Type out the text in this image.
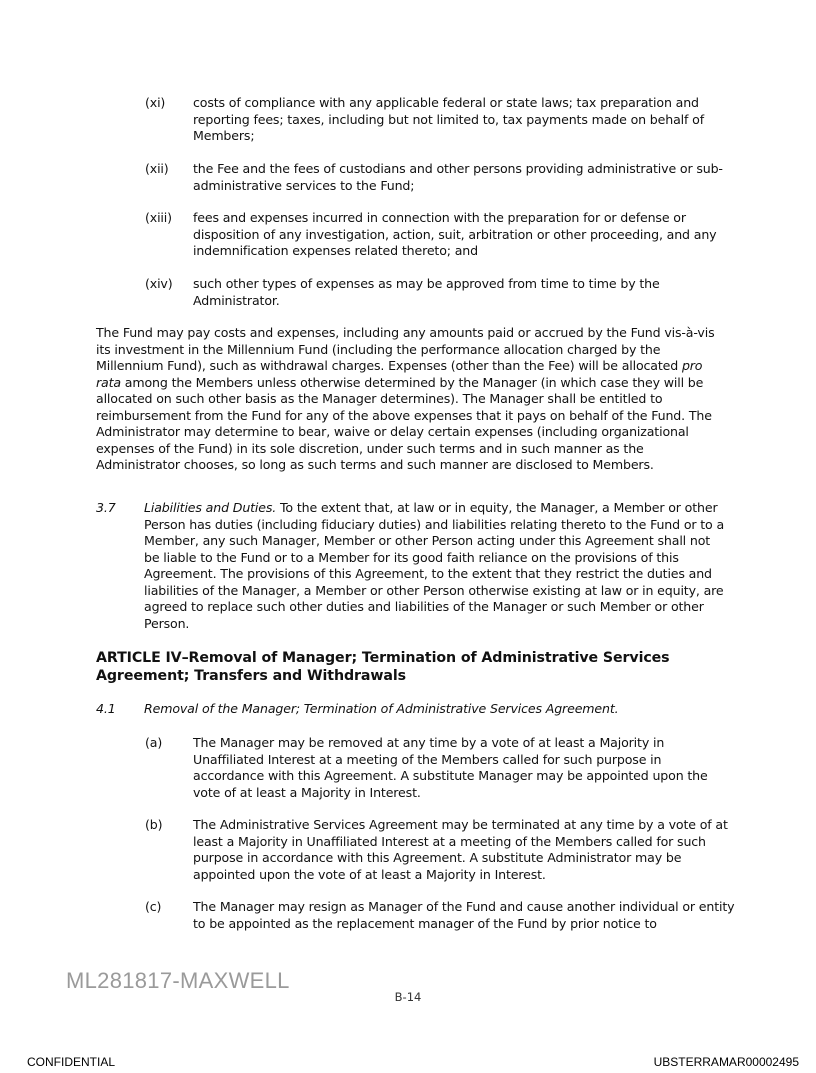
(xi)	costs of compliance with any applicable federal or state laws; tax preparation and reporting fees; taxes, including but not limited to, tax payments made on behalf of Members;
(xii)	the Fee and the fees of custodians and other persons providing administrative or sub-administrative services to the Fund;
(xiii)	fees and expenses incurred in connection with the preparation for or defense or disposition of any investigation, action, suit, arbitration or other proceeding, and any indemnification expenses related thereto; and
(xiv)	such other types of expenses as may be approved from time to time by the Administrator.
The Fund may pay costs and expenses, including any amounts paid or accrued by the Fund vis-à-vis its investment in the Millennium Fund (including the performance allocation charged by the Millennium Fund), such as withdrawal charges. Expenses (other than the Fee) will be allocated pro rata among the Members unless otherwise determined by the Manager (in which case they will be allocated on such other basis as the Manager determines). The Manager shall be entitled to reimbursement from the Fund for any of the above expenses that it pays on behalf of the Fund. The Administrator may determine to bear, waive or delay certain expenses (including organizational expenses of the Fund) in its sole discretion, under such terms and in such manner as the Administrator chooses, so long as such terms and such manner are disclosed to Members.
3.7	Liabilities and Duties. To the extent that, at law or in equity, the Manager, a Member or other Person has duties (including fiduciary duties) and liabilities relating thereto to the Fund or to a Member, any such Manager, Member or other Person acting under this Agreement shall not be liable to the Fund or to a Member for its good faith reliance on the provisions of this Agreement. The provisions of this Agreement, to the extent that they restrict the duties and liabilities of the Manager, a Member or other Person otherwise existing at law or in equity, are agreed to replace such other duties and liabilities of the Manager or such Member or other Person.
ARTICLE IV–Removal of Manager; Termination of Administrative Services Agreement; Transfers and Withdrawals
4.1	Removal of the Manager; Termination of Administrative Services Agreement.
(a)	The Manager may be removed at any time by a vote of at least a Majority in Unaffiliated Interest at a meeting of the Members called for such purpose in accordance with this Agreement. A substitute Manager may be appointed upon the vote of at least a Majority in Interest.
(b)	The Administrative Services Agreement may be terminated at any time by a vote of at least a Majority in Unaffiliated Interest at a meeting of the Members called for such purpose in accordance with this Agreement. A substitute Administrator may be appointed upon the vote of at least a Majority in Interest.
(c)	The Manager may resign as Manager of the Fund and cause another individual or entity to be appointed as the replacement manager of the Fund by prior notice to
ML281817-MAXWELL
B-14
CONFIDENTIAL	UBSTERRAMAR00002495
